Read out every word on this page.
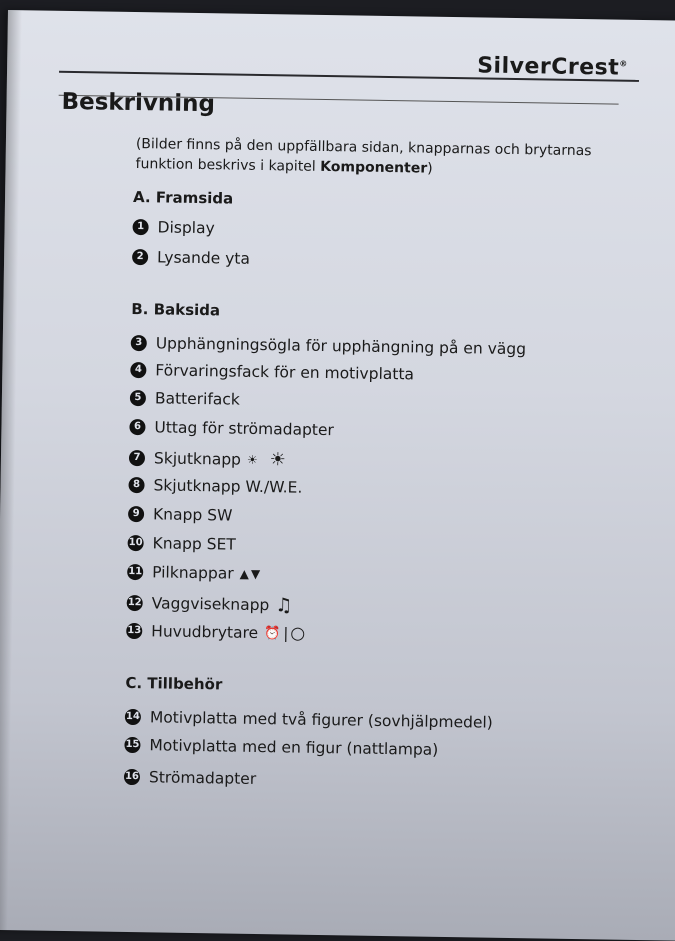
SilverCrest®
Beskrivning
(Bilder finns på den uppfällbara sidan, knapparnas och brytarnas funktion beskrivs i kapitel Komponenter)
A. Framsida
1 Display
2 Lysande yta
B. Baksida
3 Upphängningsögla för upphängning på en vägg
4 Förvaringsfack för en motivplatta
5 Batterifack
6 Uttag för strömadapter
7 Skjutknapp ☀ ☀
8 Skjutknapp W./W.E.
9 Knapp SW
10 Knapp SET
11 Pilknappar ▲ ▼
12 Vaggviseknapp ♫
13 Huvudbrytare ⏰ | ○
C. Tillbehör
14 Motivplatta med två figurer (sovhjälpmedel)
15 Motivplatta med en figur (nattlampa)
16 Strömadapter
